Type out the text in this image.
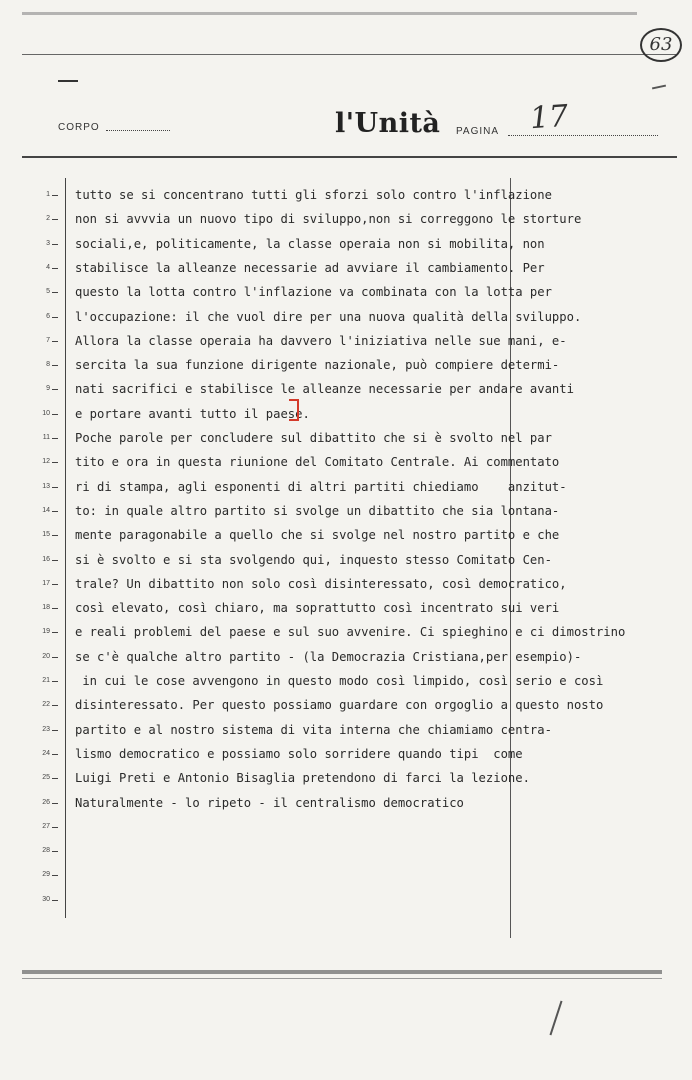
63
CORPO	l'Unità PAGINA 17
1
2
3
4
5
6
7
8
9
10
11
12
13
14
15
16
17
18
19
20
21
22
23
24
25
26
27
28
29
30
tutto se si concentrano tutti gli sforzi solo contro l'inflazione
non si avvvia un nuovo tipo di sviluppo,non si correggono le storture
sociali,e, politicamente, la classe operaia non si mobilita, non
stabilisce la alleanze necessarie ad avviare il cambiamento. Per
questo la lotta contro l'inflazione va combinata con la lotta per
l'occupazione: il che vuol dire per una nuova qualità della sviluppo.
Allora la classe operaia ha davvero l'iniziativa nelle sue mani, e-
sercita la sua funzione dirigente nazionale, può compiere determi-
nati sacrifici e stabilisce le alleanze necessarie per andare avanti
e portare avanti tutto il paese.
Poche parole per concludere sul dibattito che si è svolto nel par
tito e ora in questa riunione del Comitato Centrale. Ai commentato
ri di stampa, agli esponenti di altri partiti chiediamo    anzitut-
to: in quale altro partito si svolge un dibattito che sia lontana-
mente paragonabile a quello che si svolge nel nostro partito e che
si è svolto e si sta svolgendo qui, inquesto stesso Comitato Cen-
trale? Un dibattito non solo così disinteressato, così democratico,
così elevato, così chiaro, ma soprattutto così incentrato sui veri
e reali problemi del paese e sul suo avvenire. Ci spieghino e ci dimostrino
se c'è qualche altro partito - (la Democrazia Cristiana,per esempio)-
in cui le cose avvengono in questo modo così limpido, così serio e così
disinteressato. Per questo possiamo guardare con orgoglio a questo nosto
partito e al nostro sistema di vita interna che chiamiamo centra-
lismo democratico e possiamo solo sorridere quando tipi  come
Luigi Preti e Antonio Bisaglia pretendono di farci la lezione.
Naturalmente - lo ripeto - il centralismo democratico
